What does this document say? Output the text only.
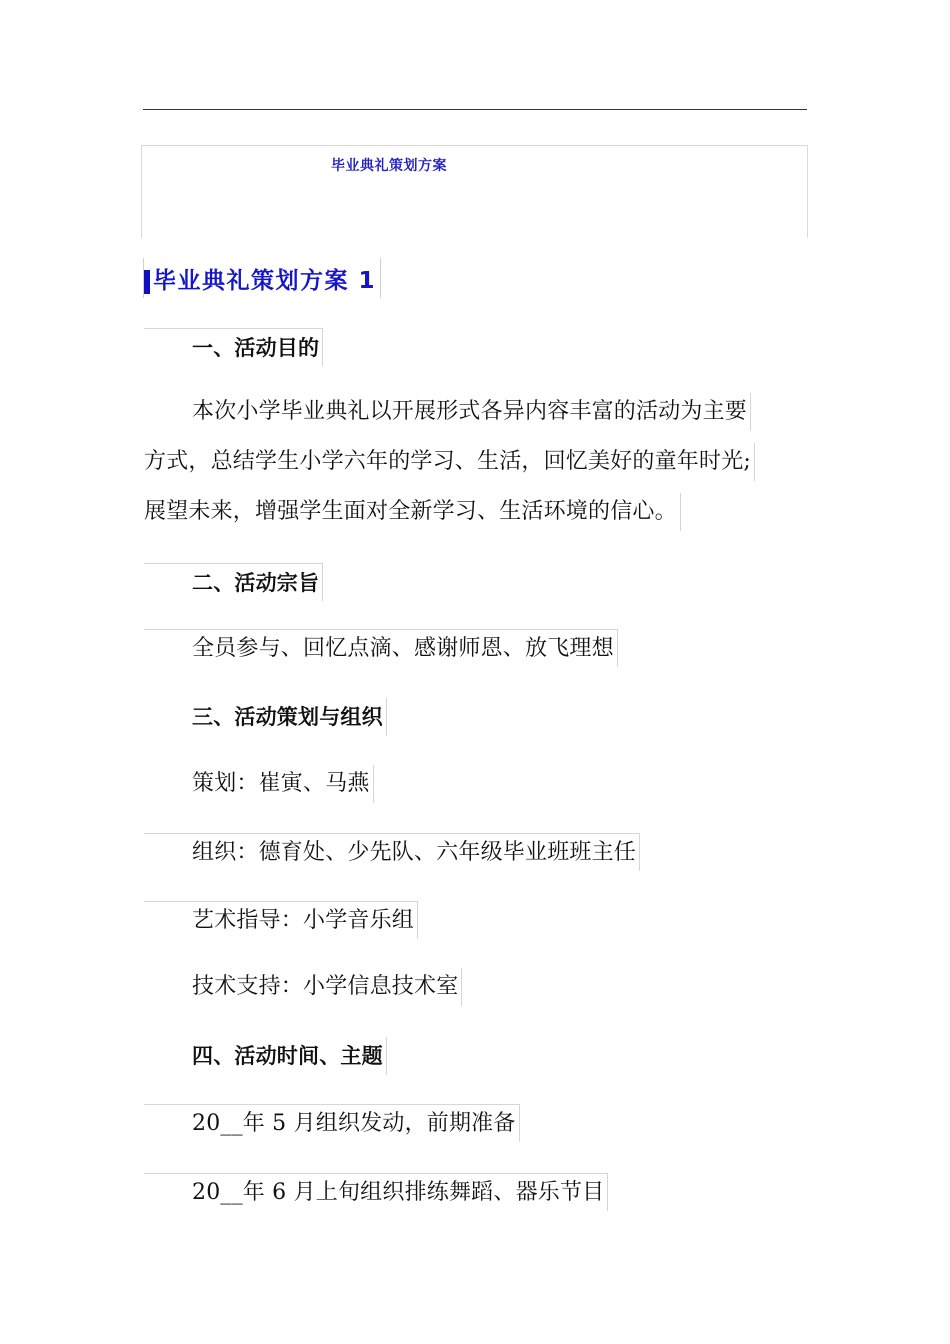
毕业典礼策划方案
毕业典礼策划方案 1
一、活动目的
本次小学毕业典礼以开展形式各异内容丰富的活动为主要
方式，总结学生小学六年的学习、生活，回忆美好的童年时光;
展望未来，增强学生面对全新学习、生活环境的信心。
二、活动宗旨
全员参与、回忆点滴、感谢师恩、放飞理想
三、活动策划与组织
策划：崔寅、马燕
组织：德育处、少先队、六年级毕业班班主任
艺术指导：小学音乐组
技术支持：小学信息技术室
四、活动时间、主题
20__年 5 月组织发动，前期准备
20__年 6 月上旬组织排练舞蹈、器乐节目
